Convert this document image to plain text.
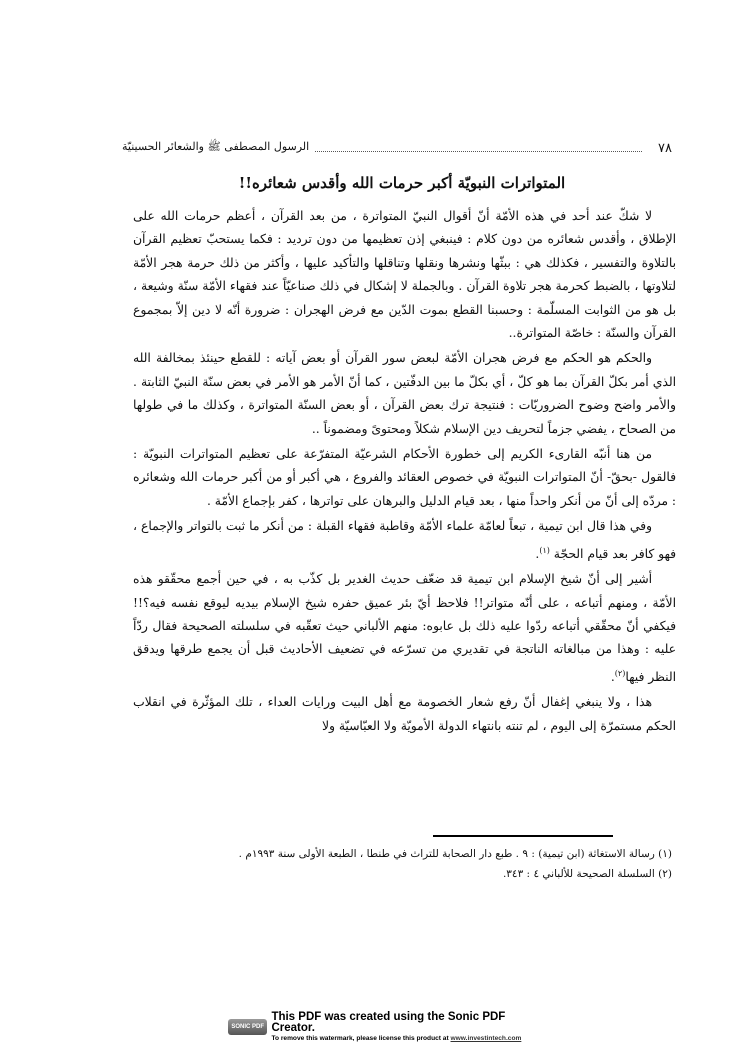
٧٨
الرسول المصطفى ﷺ والشعائر الحسينيّة
المتواترات النبويّة أكبر حرمات الله وأقدس شعائره!!

لا شكّ عند أحد في هذه الأمّة أنّ أقوال النبيّ المتواترة ، من بعد القرآن ، أعظم حرمات الله على الإطلاق ، وأقدس شعائره من دون كلام : فينبغي إذن تعظيمها من دون ترديد : فكما يستحبّ تعظيم القرآن بالتلاوة والتفسير ، فكذلك هي : ببثّها ونشرها ونقلها وتناقلها والتأكيد عليها ، وأكثر من ذلك حرمة هجر الأمّة لتلاوتها ، بالضبط كحرمة هجر تلاوة القرآن . وبالجملة لا إشكال في ذلك صناعيّاً عند فقهاء الأمّة سنّة وشيعة ، بل هو من الثوابت المسلّمة : وحسبنا القطع بموت الدّين مع فرض الهجران : ضرورة أنّه لا دين إلاّ بمجموع القرآن والسنّة : خاصّة المتواترة..

والحكم هو الحكم مع فرض هجران الأمّة لبعض سور القرآن أو بعض آياته : للقطع حينئذ بمخالفة الله الذي أمر بكلّ القرآن بما هو كلّ ، أي بكلّ ما بين الدفّتين ، كما أنّ الأمر هو الأمر في بعض سنّة النبيّ الثابتة . والأمر واضح وضوح الضروريّات : فنتيجة ترك بعض القرآن ، أو بعض السنّة المتواترة ، وكذلك ما في طولها من الصحاح ، يفضي جزماً لتحريف دين الإسلام شكلاً ومحتوىً ومضموناً ..

من هنا أنبّه القارىء الكريم إلى خطورة الأحكام الشرعيّة المتفرّعة على تعظيم المتواترات النبويّة : فالقول -بحقّ- أنّ المتواترات النبويّة في خصوص العقائد والفروع ، هي أكبر أو من أكبر حرمات الله وشعائره : مردّه إلى أنّ من أنكر واحداً منها ، بعد قيام الدليل والبرهان على تواترها ، كفر بإجماع الأمّة .

وفي هذا قال ابن تيمية ، تبعاً لعامّة علماء الأمّة وقاطبة فقهاء القبلة : من أنكر ما ثبت بالتواتر والإجماع ، فهو كافر بعد قيام الحجّة $^{(١)}$.

أشير إلى أنّ شيخ الإسلام ابن تيمية قد ضعّف حديث الغدير بل كذّب به ، في حين أجمع محقّقو هذه الأمّة ، ومنهم أتباعه ، على أنّه متواتر!! فلاحظ أيّ بئر عميق حفره شيخ الإسلام بيديه ليوقع نفسه فيه؟!! فيكفي أنّ محقّقي أتباعه ردّوا عليه ذلك بل عابوه: منهم الألباني حيث تعقّبه في سلسلته الصحيحة فقال ردّاً عليه : وهذا من مبالغاته الناتجة في تقديري من تسرّعه في تضعيف الأحاديث قبل أن يجمع طرقها ويدقق النظر فيها$^{(٢)}$.

هذا ، ولا ينبغي إغفال أنّ رفع شعار الخصومة مع أهل البيت ورايات العداء ، تلك المؤثّرة في انقلاب الحكم مستمرّة إلى اليوم ، لم تنته بانتهاء الدولة الأمويّة ولا العبّاسيّة ولا

(١) رسالة الاستغاثة (ابن تيمية) : ٩ . طبع دار الصحابة للتراث في طنطا ، الطبعة الأولى سنة ١٩٩٣م .
(٢) السلسلة الصحيحة للألباني ٤ : ٣٤٣.
SONIC PDF
This PDF was created using the Sonic PDF Creator.
To remove this watermark, please license this product at www.investintech.com
